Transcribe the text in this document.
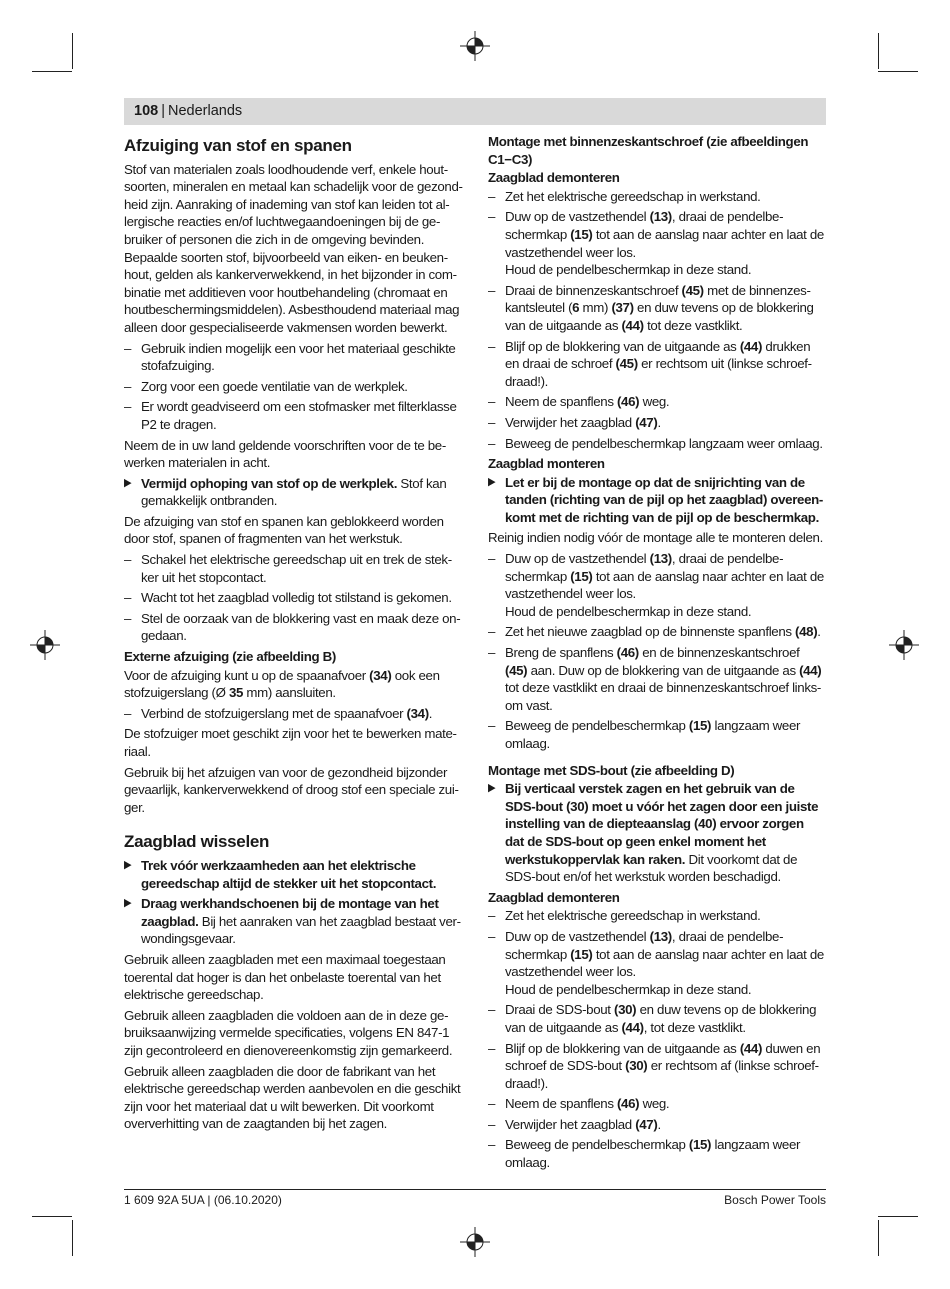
108 | Nederlands
Afzuiging van stof en spanen
Stof van materialen zoals loodhoudende verf, enkele houtsoorten, mineralen en metaal kan schadelijk voor de gezondheid zijn. Aanraking of inademing van stof kan leiden tot allergische reacties en/of luchtwegaandoeningen bij de gebruiker of personen die zich in de omgeving bevinden. Bepaalde soorten stof, bijvoorbeeld van eiken- en beukenhout, gelden als kankerverwekkend, in het bijzonder in combinatie met additieven voor houtbehandeling (chromaat en houtbeschermingsmiddelen). Asbesthoudend materiaal mag alleen door gespecialiseerde vakmensen worden bewerkt.
– Gebruik indien mogelijk een voor het materiaal geschikte stofafzuiging.
– Zorg voor een goede ventilatie van de werkplek.
– Er wordt geadviseerd om een stofmasker met filterklasse P2 te dragen.
Neem de in uw land geldende voorschriften voor de te bewerken materialen in acht.
▶ Vermijd ophoping van stof op de werkplek. Stof kan gemakkelijk ontbranden.
De afzuiging van stof en spanen kan geblokkeerd worden door stof, spanen of fragmenten van het werkstuk.
– Schakel het elektrische gereedschap uit en trek de stekker uit het stopcontact.
– Wacht tot het zaagblad volledig tot stilstand is gekomen.
– Stel de oorzaak van de blokkering vast en maak deze ongedaan.
Externe afzuiging (zie afbeelding B)
Voor de afzuiging kunt u op de spaanafvoer (34) ook een stofzuigerslang (Ø 35 mm) aansluiten.
– Verbind de stofzuigerslang met de spaanafvoer (34).
De stofzuiger moet geschikt zijn voor het te bewerken materiaal.
Gebruik bij het afzuigen van voor de gezondheid bijzonder gevaarlijk, kankerverwekkend of droog stof een speciale zuiger.
Zaagblad wisselen
▶ Trek vóór werkzaamheden aan het elektrische gereedschap altijd de stekker uit het stopcontact.
▶ Draag werkhandschoenen bij de montage van het zaagblad. Bij het aanraken van het zaagblad bestaat verwondingsgevaar.
Gebruik alleen zaagbladen met een maximaal toegestaan toerental dat hoger is dan het onbelaste toerental van het elektrische gereedschap.
Gebruik alleen zaagbladen die voldoen aan de in deze gebruiksaanwijzing vermelde specificaties, volgens EN 847-1 zijn gecontroleerd en dienovereenkomstig zijn gemarkeerd.
Gebruik alleen zaagbladen die door de fabrikant van het elektrische gereedschap werden aanbevolen en die geschikt zijn voor het materiaal dat u wilt bewerken. Dit voorkomt oververhitting van de zaagtanden bij het zagen.
Montage met binnenzeskantschroef (zie afbeeldingen C1−C3)
Zaagblad demonteren
– Zet het elektrische gereedschap in werkstand.
– Duw op de vastzethendel (13), draai de pendelbeschermkap (15) tot aan de aanslag naar achter en laat de vastzethendel weer los.
Houd de pendelbeschermkap in deze stand.
– Draai de binnenzeskantschroef (45) met de binnenzeskantsleutel (6 mm) (37) en duw tevens op de blokkering van de uitgaande as (44) tot deze vastklikt.
– Blijf op de blokkering van de uitgaande as (44) drukken en draai de schroef (45) er rechtsom uit (linkse schroefdraad!).
– Neem de spanflens (46) weg.
– Verwijder het zaagblad (47).
– Beweeg de pendelbeschermkap langzaam weer omlaag.
Zaagblad monteren
▶ Let er bij de montage op dat de snijrichting van de tanden (richting van de pijl op het zaagblad) overeenkomt met de richting van de pijl op de beschermkap.
Reinig indien nodig vóór de montage alle te monteren delen.
– Duw op de vastzethendel (13), draai de pendelbeschermkap (15) tot aan de aanslag naar achter en laat de vastzethendel weer los.
Houd de pendelbeschermkap in deze stand.
– Zet het nieuwe zaagblad op de binnenste spanflens (48).
– Breng de spanflens (46) en de binnenzeskantschroef (45) aan. Duw op de blokkering van de uitgaande as (44) tot deze vastklikt en draai de binnenzeskantschroef linksom vast.
– Beweeg de pendelbeschermkap (15) langzaam weer omlaag.
Montage met SDS-bout (zie afbeelding D)
▶ Bij verticaal verstek zagen en het gebruik van de SDS-bout (30) moet u vóór het zagen door een juiste instelling van de diepteaanslag (40) ervoor zorgen dat de SDS-bout op geen enkel moment het werkstukoppervlak kan raken. Dit voorkomt dat de SDS-bout en/of het werkstuk worden beschadigd.
Zaagblad demonteren
– Zet het elektrische gereedschap in werkstand.
– Duw op de vastzethendel (13), draai de pendelbeschermkap (15) tot aan de aanslag naar achter en laat de vastzethendel weer los.
Houd de pendelbeschermkap in deze stand.
– Draai de SDS-bout (30) en duw tevens op de blokkering van de uitgaande as (44), tot deze vastklikt.
– Blijf op de blokkering van de uitgaande as (44) duwen en schroef de SDS-bout (30) er rechtsom af (linkse schroefdraad!).
– Neem de spanflens (46) weg.
– Verwijder het zaagblad (47).
– Beweeg de pendelbeschermkap (15) langzaam weer omlaag.
1 609 92A 5UA | (06.10.2020)	Bosch Power Tools
